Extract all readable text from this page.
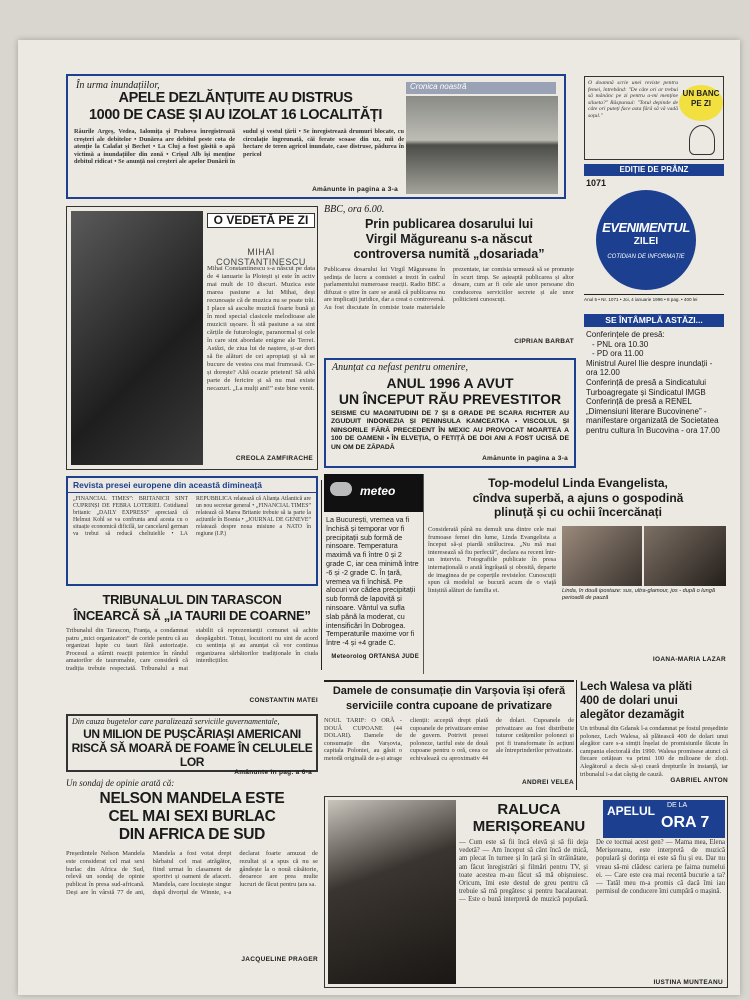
În urma inundațiilor,
APELE DEZLĂNȚUITE AU DISTRUS
1000 DE CASE ȘI AU IZOLAT 16 LOCALITĂȚI
Râurile Argeș, Vedea, Ialomița și Prahova înregistrează creșteri ale debitelor • Dunărea are debitul peste cota de atenție la Calafat și Bechet • La Cluj a fost găsită o apă victimă a inundațiilor din zonă • Crișul Alb își menține debitul ridicat • Se anunță noi creșteri ale apelor Dunării în sudul și vestul țării • Se înregistrează drumuri blocate, cu circulație îngreunată, căi ferate scoase din uz, mii de hectare de teren agricol inundate, case distruse, pădurea în pericol
Amănunte în pagina a 3-a
Cronica noastră	O doamnă scrie unei reviste pentru femei, întrebând: "De câte ori ar trebui să mănânc pe zi pentru a-mi menține silueta?" Răspunsul: "Totul depinde de câte ori puteți face asta fără să vă vadă soțul."
UN BANC PE ZI
EDIȚIE DE PRÂNZ
1071
EVENIMENTUL
ZILEI
COTIDIAN DE INFORMAȚIE
Anul 5 • Nr. 1071 • Joi, 4 ianuarie 1996 • 8 pag. • 400 lei
O VEDETĂ PE ZI
MIHAI CONSTANTINESCU
Mihai Constantinescu s-a născut pe data de 4 ianuarie la Ploiești și este în activ mai mult de 10 discuri. Muzica este marea pasiune a lui Mihai, deși recunoaște că de muzica nu se poate trăi. I place să asculte muzică foarte bună și în mod special clasicele melodioase ale muzicii ușoare. Îi stă pasiune a sa sint cărțile de futurologie, paranormal și cele în care sint abordate enigme ale Terrei. Astăzi, de ziua lui de naștere, și-ar dori să fie alături de cei apropiați și să se bucure de vestea cea mai frumoasă. Ce-și dorește? Altă ocazie prieteni! Să aibă parte de fericire și să nu mai existe necazuri. „La mulți ani!” este bine venit.
CREOLA ZAMFIRACHE
BBC, ora 6.00.
Prin publicarea dosarului lui
Virgil Măgureanu s-a născut
controversa numită „dosariada”
Publicarea dosarului lui Virgil Măgureanu în ședința de lucru a comisiei a trezit în cadrul parlamentului numeroase reacții. Radio BBC a difuzat o știre în care se arată că publicarea nu are implicații juridice, dar a creat o controversă. Au fost discutate în comisie toate materialele prezentate, iar comisia urmează să se pronunțe în scurt timp. Se așteaptă publicarea și altor dosare, cum ar fi cele ale unor persoane din conducerea serviciilor secrete și ale unor politicieni cunoscuți.
CIPRIAN BARBAT
SE ÎNTÂMPLĂ ASTĂZI...
Conferințele de presă:
- PNL ora 10.30
- PD ora 11.00
Ministrul Aurel Ilie despre inundații - ora 12.00
Conferință de presă a Sindicatului Turboagregate și Sindicatul IMGB
Conferință de presă a RENEL
„Dimensiuni literare Bucovinene” - manifestare organizată de Societatea pentru cultura în Bucovina - ora 17.00
Anunțat ca nefast pentru omenire,
ANUL 1996 A AVUT
UN ÎNCEPUT RĂU PREVESTITOR
SEISME CU MAGNITUDINI DE 7 ȘI 8 GRADE PE SCARA RICHTER AU ZGUDUIT INDONEZIA ȘI PENINSULA KAMCEATKA • VISCOLUL ȘI NINSORILE FĂRĂ PRECEDENT ÎN MEXIC AU PROVOCAT MOARTEA A 100 DE OAMENI • ÎN ELVEȚIA, O FETIȚĂ DE DOI ANI A FOST UCISĂ DE UN OM DE ZĂPADĂ
Amănunte în pagina a 3-a
Revista presei europene din această dimineață
„FINANCIAL TIMES”: BRITANICII SINT CUPRINȘI DE FEBRA LOTERIEI. Cotidianul britanic „DAILY EXPRESS” apreciază că Helmut Kohl se va confrunta anul acesta cu o situație economică dificilă, iar cancelarul german va trebui să reducă cheltuielile • LA REPUBBLICA relatează că Alianța Atlantică are un nou secretar general • „FINANCIAL TIMES” relatează că Marea Britanie trebuie să ia parte la acțiunile în Bosnia • „JOURNAL DE GENEVE” relatează despre noua misiune a NATO în regiune (I.P.)
meteo
La București, vremea va fi închisă și temporar vor fi precipitații sub formă de ninsoare. Temperatura maximă va fi între 0 și 2 grade C, iar cea minimă între -6 și -2 grade C. În țară, vremea va fi închisă. Pe alocuri vor cădea precipitații sub formă de lapoviță și ninsoare. Vântul va sufla slab până la moderat, cu intensificări în Dobrogea. Temperaturile maxime vor fi între -4 și +4 grade C.
Meteorolog ORTANSA JUDE
Top-modelul Linda Evangelista,
cîndva superbă, a ajuns o gospodină
plinuță și cu ochii încercănați
Considerată până nu demult una dintre cele mai frumoase femei din lume, Linda Evangelista a început să-și piardă strălucirea. „Nu mă mai interesează să fiu perfectă”, declara ea recent într-un interviu. Fotografiile publicate în presa internațională o arată îngrășată și obosită, departe de imaginea de pe coperțile revistelor. Cunoscuții spun că modelul se bucură acum de o viață liniștită alături de familia ei.	Linda, în două ipostaze: sus, ultra-glamour, jos - după o lungă perioadă de pauză
IOANA-MARIA LAZAR
TRIBUNALUL DIN TARASCON
ÎNCEARCĂ SĂ „IA TAURII DE COARNE”
Tribunalul din Tarascon, Franța, a condamnat patru „mici organizatori” de coride pentru că au organizat lupte cu tauri fără autorizație. Procesul a stârnit reacții puternice în rândul amatorilor de tauromahie, care consideră că tradiția trebuie respectată. Tribunalul a mai stabilit că reprezentanții comunei să achite despăgubiri. Totuși, locuitorii nu sint de acord cu sentința și au anunțat că vor continua organizarea sărbătorilor tradiționale în ciuda interdicțiilor.
CONSTANTIN MATEI
Din cauza bugetelor care paralizează serviciile guvernamentale,
UN MILION DE PUȘCĂRIAȘI AMERICANI
RISCĂ SĂ MOARĂ DE FOAME ÎN CELULELE LOR
Amănunte în pag. a 6-a
Damele de consumație din Varșovia își oferă
serviciile contra cupoane de privatizare
NOUL TARIF: O ORĂ - DOUĂ CUPOANE (44 DOLARI). Damele de consumație din Varșovia, capitala Poloniei, au găsit o metodă originală de a-și atrage clienții: acceptă drept plată cupoanele de privatizare emise de guvern. Potrivit presei poloneze, tariful este de două cupoane pentru o oră, ceea ce echivalează cu aproximativ 44 de dolari. Cupoanele de privatizare au fost distribuite tuturor cetățenilor polonezi și pot fi transformate în acțiuni ale întreprinderilor privatizate.
ANDREI VELEA
Lech Walesa va plăti
400 de dolari unui
alegător dezamăgit
Un tribunal din Gdansk l-a condamnat pe fostul președinte polonez, Lech Walesa, să plătească 400 de dolari unui alegător care s-a simțit înșelat de promisiunile făcute în campania electorală din 1990. Walesa promisese atunci că fiecare cetățean va primi 100 de milioane de zloți. Alegătorul a decis să-și ceară drepturile în instanță, iar tribunalul i-a dat câștig de cauză.
GABRIEL ANTON
Un sondaj de opinie arată că:
NELSON MANDELA ESTE
CEL MAI SEXI BURLAC
DIN AFRICA DE SUD
Președintele Nelson Mandela este considerat cel mai sexi burlac din Africa de Sud, relevă un sondaj de opinie publicat în presa sud-africană. Deși are în vârstă 77 de ani, Mandela a fost votat drept bărbatul cel mai atrăgător, fiind urmat în clasament de sportivi și oameni de afaceri. Mandela, care locuiește singur după divorțul de Winnie, s-a declarat foarte amuzat de rezultat și a spus că nu se gândește la o nouă căsătorie, deoarece are prea multe lucruri de făcut pentru țara sa.
JACQUELINE PRAGER
RALUCA
MERIȘOREANU
— Cum este să fii încă elevă și să fii deja vedetă? — Am început să cânt încă de mică, am plecat în turnee și în țară și în străinătate, am făcut înregistrări și filmări pentru TV, și toate acestea m-au făcut să mă obișnuiesc. Oricum, îmi este destul de greu pentru că trebuie să mă pregătesc și pentru bacalaureat. — Este o bună interpretă de muzică populară. De ce tocmai acest gen? — Mama mea, Elena Merișoreanu, este interpretă de muzică populară și dorința ei este să fiu și eu. Dar nu vreau să-mi clădesc cariera pe faima numelui ei. — Care este cea mai recentă bucurie a ta? — Tatăl meu m-a promis că dacă îmi iau permisul de conducere îmi cumpără o mașină.
APELUL DE LA
ORA 7
IUSTINA MUNTEANU
